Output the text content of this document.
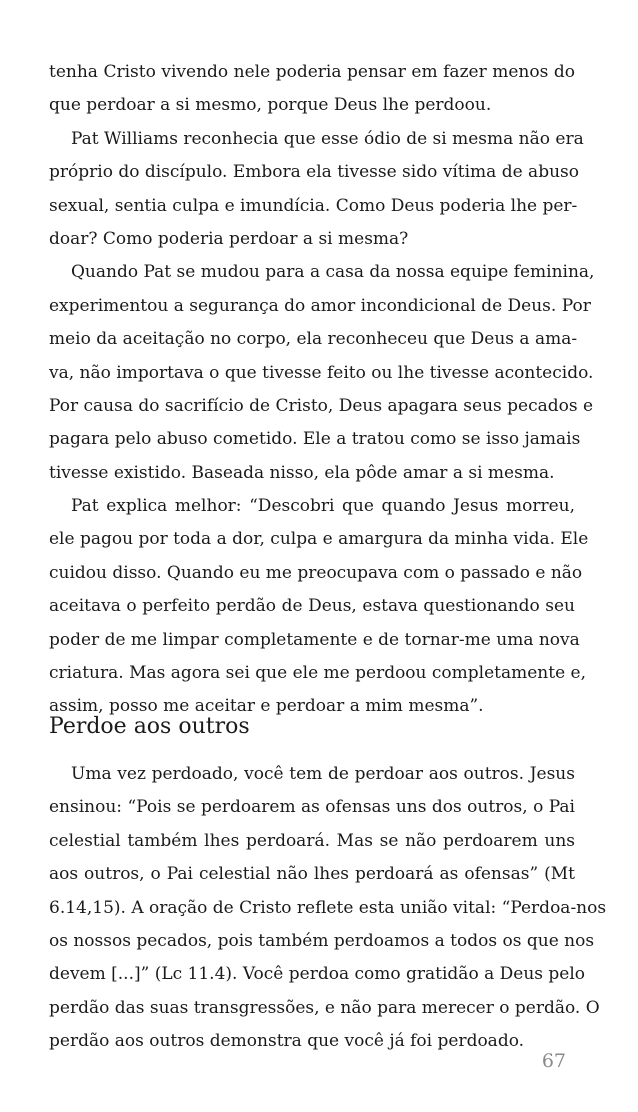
tenha Cristo vivendo nele poderia pensar em fazer menos do
que perdoar a si mesmo, porque Deus lhe perdoou.
Pat Williams reconhecia que esse ódio de si mesma não era
próprio do discípulo. Embora ela tivesse sido vítima de abuso
sexual, sentia culpa e imundícia. Como Deus poderia lhe per-
doar? Como poderia perdoar a si mesma?
Quando Pat se mudou para a casa da nossa equipe feminina,
experimentou a segurança do amor incondicional de Deus. Por
meio da aceitação no corpo, ela reconheceu que Deus a ama-
va, não importava o que tivesse feito ou lhe tivesse acontecido.
Por causa do sacrifício de Cristo, Deus apagara seus pecados e
pagara pelo abuso cometido. Ele a tratou como se isso jamais
tivesse existido. Baseada nisso, ela pôde amar a si mesma.
Pat explica melhor: “Descobri que quando Jesus morreu,
ele pagou por toda a dor, culpa e amargura da minha vida. Ele
cuidou disso. Quando eu me preocupava com o passado e não
aceitava o perfeito perdão de Deus, estava questionando seu
poder de me limpar completamente e de tornar-me uma nova
criatura. Mas agora sei que ele me perdoou completamente e,
assim, posso me aceitar e perdoar a mim mesma”.
Perdoe aos outros
Uma vez perdoado, você tem de perdoar aos outros. Jesus
ensinou: “Pois se perdoarem as ofensas uns dos outros, o Pai
celestial também lhes perdoará. Mas se não perdoarem uns
aos outros, o Pai celestial não lhes perdoará as ofensas” (Mt
6.14,15). A oração de Cristo reflete esta união vital: “Perdoa-nos
os nossos pecados, pois também perdoamos a todos os que nos
devem [...]” (Lc 11.4). Você perdoa como gratidão a Deus pelo
perdão das suas transgressões, e não para merecer o perdão. O
perdão aos outros demonstra que você já foi perdoado.
67
